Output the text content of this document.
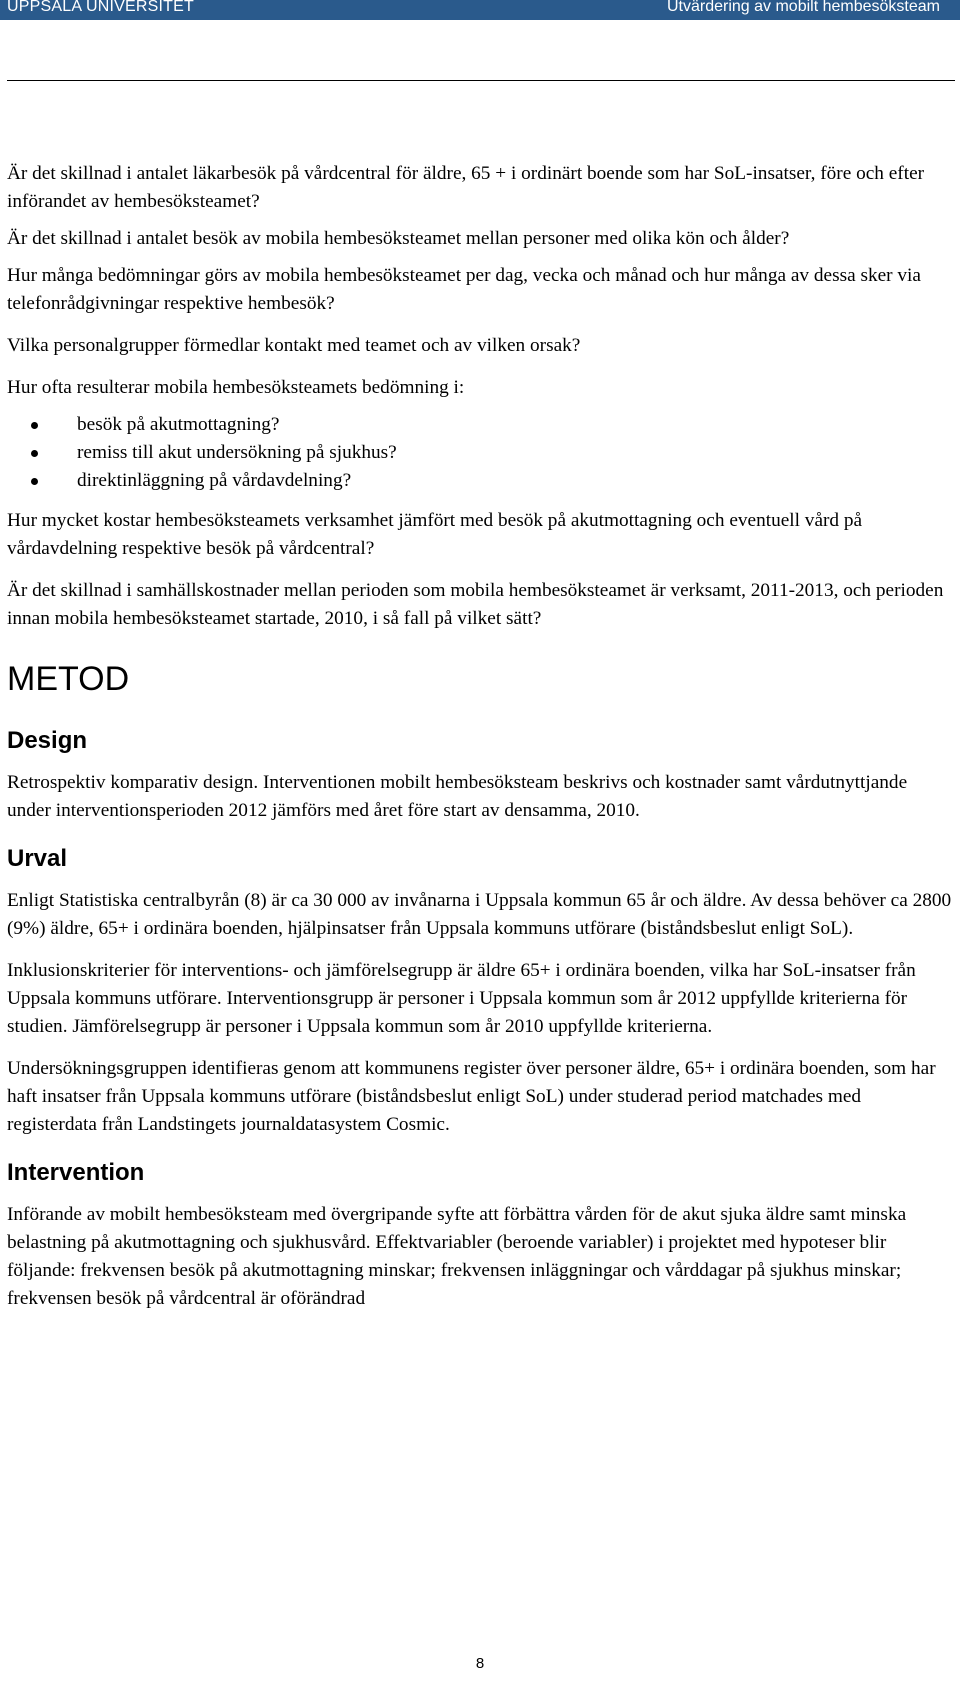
UPPSALA UNIVERSITET	Utvärdering av mobilt hembesöksteam

Är det skillnad i antalet läkarbesök på vårdcentral för äldre, 65 + i ordinärt boende som har SoL-insatser, före och efter införandet av hembesöksteamet?

Är det skillnad i antalet besök av mobila hembesöksteamet mellan personer med olika kön och ålder?

Hur många bedömningar görs av mobila hembesöksteamet per dag, vecka och månad och hur många av dessa sker via telefonrådgivningar respektive hembesök?

Vilka personalgrupper förmedlar kontakt med teamet och av vilken orsak?

Hur ofta resulterar mobila hembesöksteamets bedömning i:

besök på akutmottagning?
remiss till akut undersökning på sjukhus?
direktinläggning på vårdavdelning?

Hur mycket kostar hembesöksteamets verksamhet jämfört med besök på akutmottagning och eventuell vård på vårdavdelning respektive besök på vårdcentral?

Är det skillnad i samhällskostnader mellan perioden som mobila hembesöksteamet är verksamt, 2011-2013, och perioden innan mobila hembesöksteamet startade, 2010, i så fall på vilket sätt?

METOD
Design

Retrospektiv komparativ design. Interventionen mobilt hembesöksteam beskrivs och kostnader samt vårdutnyttjande under interventionsperioden 2012 jämförs med året före start av densamma, 2010.

Urval

Enligt Statistiska centralbyrån (8) är ca 30 000 av invånarna i Uppsala kommun 65 år och äldre. Av dessa behöver ca 2800 (9%) äldre, 65+ i ordinära boenden, hjälpinsatser från Uppsala kommuns utförare (biståndsbeslut enligt SoL).

Inklusionskriterier för interventions- och jämförelsegrupp är äldre 65+ i ordinära boenden, vilka har SoL-insatser från Uppsala kommuns utförare. Interventionsgrupp är personer i Uppsala kommun som år 2012 uppfyllde kriterierna för studien. Jämförelsegrupp är personer i Uppsala kommun som år 2010 uppfyllde kriterierna.

Undersökningsgruppen identifieras genom att kommunens register över personer äldre, 65+ i ordinära boenden, som har haft insatser från Uppsala kommuns utförare (biståndsbeslut enligt SoL) under studerad period matchades med registerdata från Landstingets journaldatasystem Cosmic.

Intervention

Införande av mobilt hembesöksteam med övergripande syfte att förbättra vården för de akut sjuka äldre samt minska belastning på akutmottagning och sjukhusvård. Effektvariabler (beroende variabler) i projektet med hypoteser blir följande: frekvensen besök på akutmottagning minskar; frekvensen inläggningar och vårddagar på sjukhus minskar; frekvensen besök på vårdcentral är oförändrad

8
